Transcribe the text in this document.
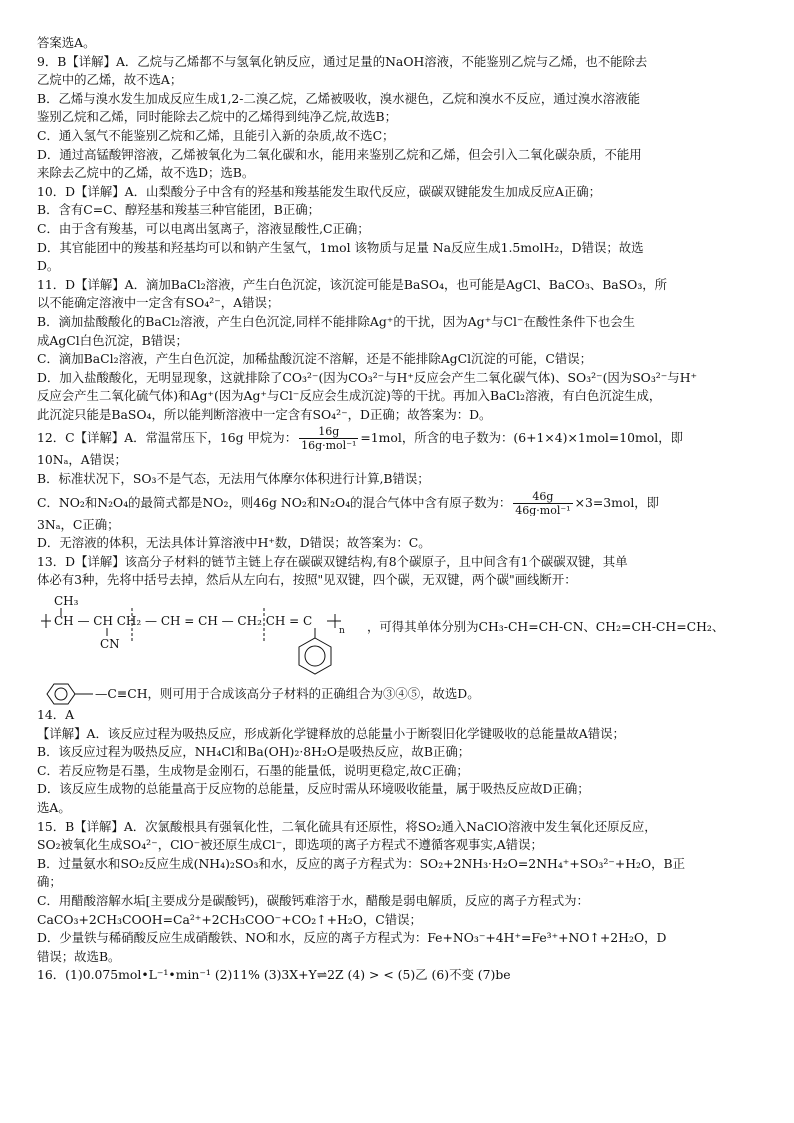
答案选A。
9．B【详解】A．乙烷与乙烯都不与氢氧化钠反应，通过足量的NaOH溶液，不能鉴别乙烷与乙烯，也不能除去
乙烷中的乙烯，故不选A；
B．乙烯与溴水发生加成反应生成1,2-二溴乙烷，乙烯被吸收，溴水褪色，乙烷和溴水不反应，通过溴水溶液能
鉴别乙烷和乙烯，同时能除去乙烷中的乙烯得到纯净乙烷,故选B；
C．通入氢气不能鉴别乙烷和乙烯，且能引入新的杂质,故不选C；
D．通过高锰酸钾溶液，乙烯被氧化为二氧化碳和水，能用来鉴别乙烷和乙烯，但会引入二氧化碳杂质，不能用
来除去乙烷中的乙烯，故不选D；选B。
10．D【详解】A．山梨酸分子中含有的羟基和羧基能发生取代反应，碳碳双键能发生加成反应A正确；
B．含有C=C、醇羟基和羧基三种官能团，B正确；
C．由于含有羧基，可以电离出氢离子，溶液显酸性,C正确；
D．其官能团中的羧基和羟基均可以和钠产生氢气，1mol 该物质与足量 Na反应生成1.5molH₂，D错误；故选
D。
11．D【详解】A．滴加BaCl₂溶液，产生白色沉淀，该沉淀可能是BaSO₄，也可能是AgCl、BaCO₃、BaSO₃，所
以不能确定溶液中一定含有SO₄²⁻，A错误；
B．滴加盐酸酸化的BaCl₂溶液，产生白色沉淀,同样不能排除Ag⁺的干扰，因为Ag⁺与Cl⁻在酸性条件下也会生
成AgCl白色沉淀，B错误；
C．滴加BaCl₂溶液，产生白色沉淀，加稀盐酸沉淀不溶解，还是不能排除AgCl沉淀的可能，C错误；
D．加入盐酸酸化，无明显现象，这就排除了CO₃²⁻(因为CO₃²⁻与H⁺反应会产生二氧化碳气体)、SO₃²⁻(因为SO₃²⁻与H⁺
反应会产生二氧化硫气体)和Ag⁺(因为Ag⁺与Cl⁻反应会生成沉淀)等的干扰。再加入BaCl₂溶液，有白色沉淀生成，
此沉淀只能是BaSO₄，所以能判断溶液中一定含有SO₄²⁻，D正确；故答案为：D。
12．C【详解】A．常温常压下，16g 甲烷为：	16g
16g·mol⁻¹
=1mol，所含的电子数为：(6+1×4)×1mol=10mol，即
10Nₐ，A错误；
B．标准状况下，SO₃不是气态，无法用气体摩尔体积进行计算,B错误；
C．NO₂和N₂O₄的最简式都是NO₂，则46g NO₂和N₂O₄的混合气体中含有原子数为：	46g
46g·mol⁻¹
×3=3mol，即
3Nₐ，C正确；
D．无溶液的体积，无法具体计算溶液中H⁺数，D错误；故答案为：C。
13．D【详解】该高分子材料的链节主链上存在碳碳双键结构,有8个碳原子，且中间含有1个碳碳双键，其单
体必有3种，先将中括号去掉，然后从左向右，按照"见双键，四个碳，无双键，两个碳"画线断开：
CH₃
CH — CH CH₂ — CH = CH — CH₂ CH = C
CN
n ，可得其单体分别为CH₃-CH=CH-CN、CH₂=CH-CH=CH₂、
—C≡CH，则可用于合成该高分子材料的正确组合为③④⑤，故选D。
14．A
【详解】A．该反应过程为吸热反应，形成新化学键释放的总能量小于断裂旧化学键吸收的总能量故A错误；
B．该反应过程为吸热反应，NH₄Cl和Ba(OH)₂·8H₂O是吸热反应，故B正确；
C．若反应物是石墨，生成物是金刚石，石墨的能量低，说明更稳定,故C正确；
D．该反应生成物的总能量高于反应物的总能量，反应时需从环境吸收能量，属于吸热反应故D正确；
选A。
15．B【详解】A．次氯酸根具有强氧化性，二氧化硫具有还原性，将SO₂通入NaClO溶液中发生氧化还原反应，
SO₂被氧化生成SO₄²⁻，ClO⁻被还原生成Cl⁻，即选项的离子方程式不遵循客观事实,A错误；
B．过量氨水和SO₂反应生成(NH₄)₂SO₃和水，反应的离子方程式为：SO₂+2NH₃·H₂O=2NH₄⁺+SO₃²⁻+H₂O，B正
确；
C．用醋酸溶解水垢[主要成分是碳酸钙)，碳酸钙难溶于水，醋酸是弱电解质，反应的离子方程式为：
CaCO₃+2CH₃COOH=Ca²⁺+2CH₃COO⁻+CO₂↑+H₂O，C错误；
D．少量铁与稀硝酸反应生成硝酸铁、NO和水，反应的离子方程式为：Fe+NO₃⁻+4H⁺=Fe³⁺+NO↑+2H₂O，D
错误；故选B。
16．(1)0.075mol•L⁻¹•min⁻¹ (2)11% (3)3X+Y⇌2Z (4) > < (5)乙 (6)不变 (7)be
